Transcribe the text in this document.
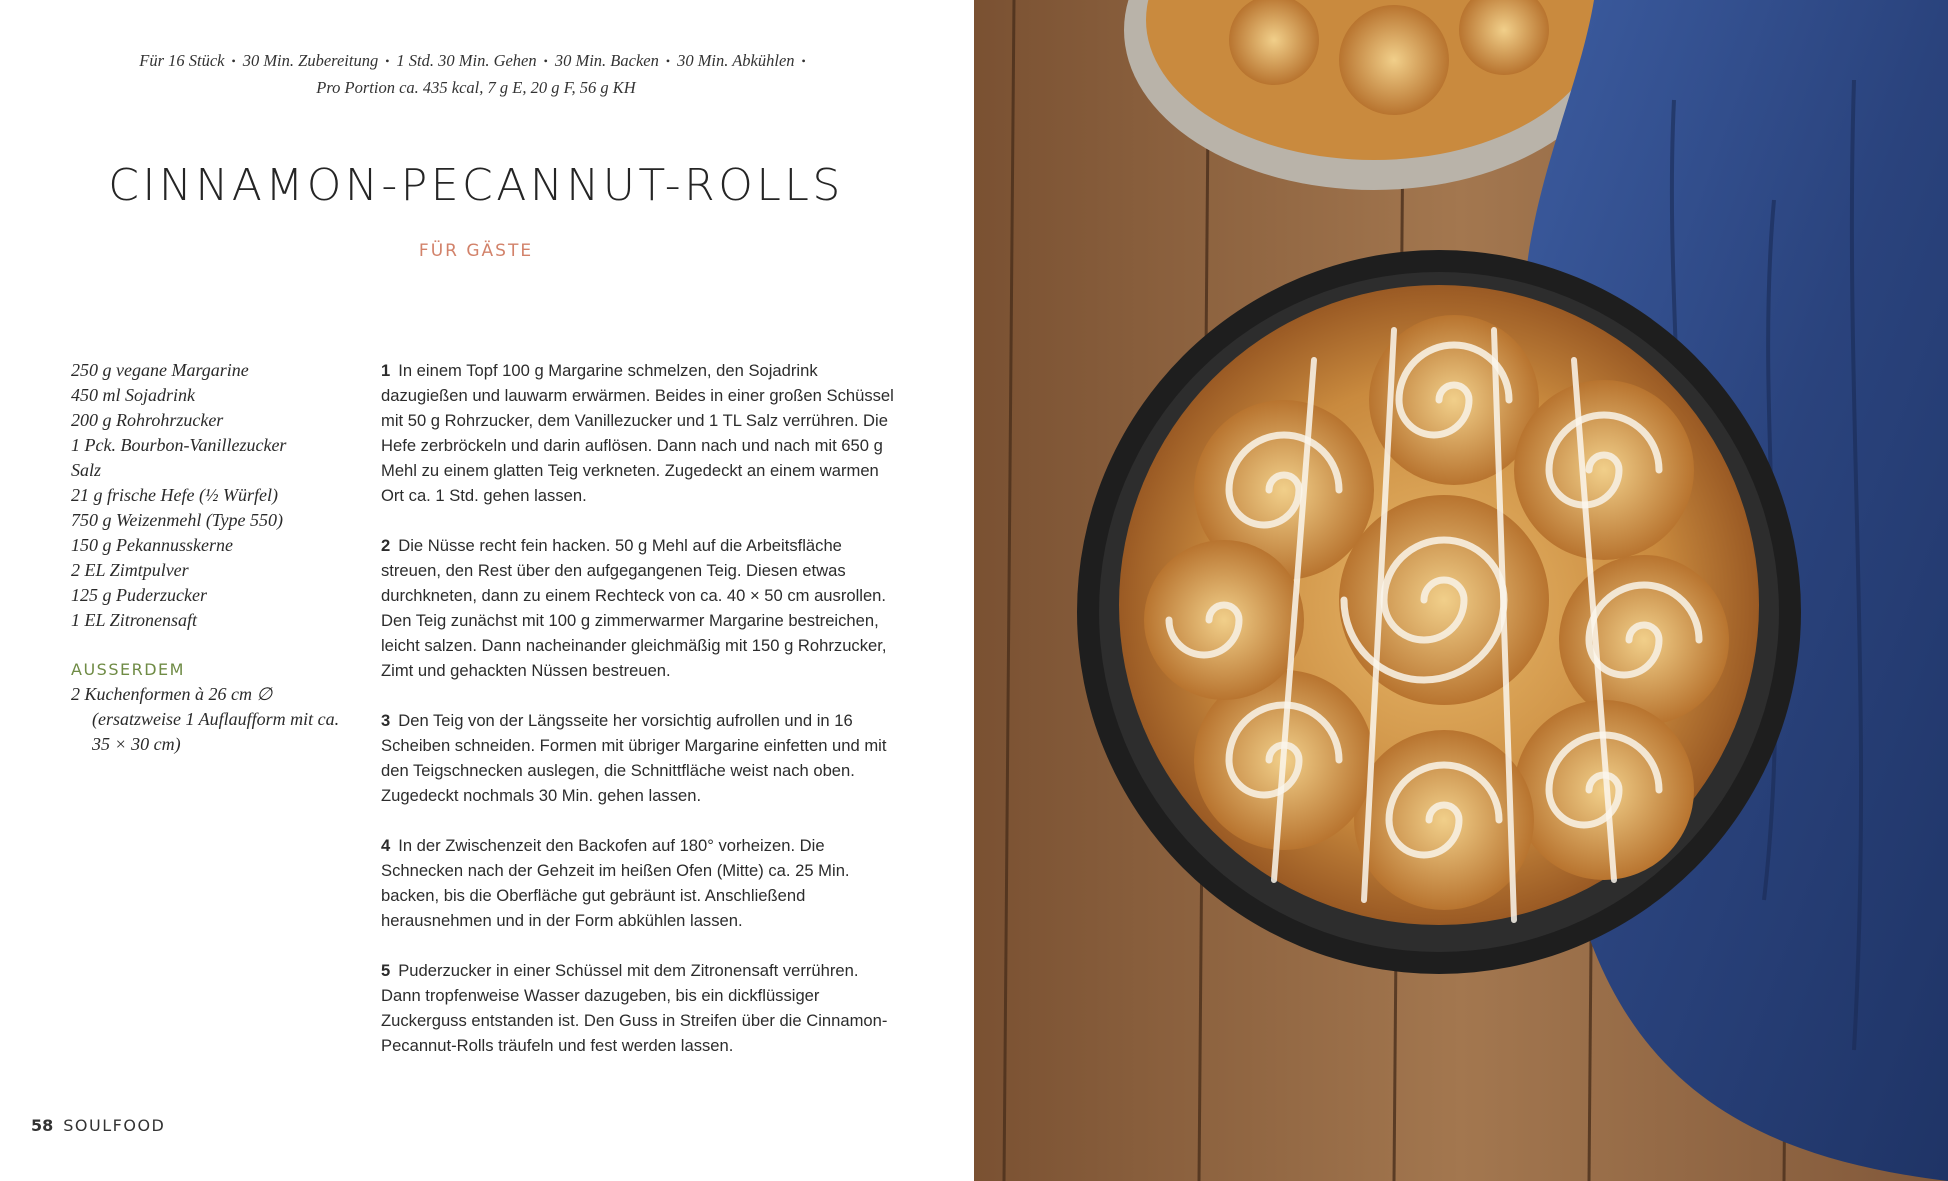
Für 16 Stück • 30 Min. Zubereitung • 1 Std. 30 Min. Gehen • 30 Min. Backen • 30 Min. Abkühlen •
Pro Portion ca. 435 kcal, 7 g E, 20 g F, 56 g KH
CINNAMON-PECANNUT-ROLLS
FÜR GÄSTE
250 g vegane Margarine
450 ml Sojadrink
200 g Rohrohrzucker
1 Pck. Bourbon-Vanillezucker
Salz
21 g frische Hefe (½ Würfel)
750 g Weizenmehl (Type 550)
150 g Pekannusskerne
2 EL Zimtpulver
125 g Puderzucker
1 EL Zitronensaft
AUSSERDEM
2 Kuchenformen à 26 cm ∅ (ersatzweise 1 Auflaufform mit ca. 35 × 30 cm)
1 In einem Topf 100 g Margarine schmelzen, den Sojadrink dazugießen und lauwarm erwärmen. Beides in einer großen Schüssel mit 50 g Rohrzucker, dem Vanillezucker und 1 TL Salz verrühren. Die Hefe zerbröckeln und darin auflösen. Dann nach und nach mit 650 g Mehl zu einem glatten Teig verkneten. Zugedeckt an einem warmen Ort ca. 1 Std. gehen lassen.
2 Die Nüsse recht fein hacken. 50 g Mehl auf die Arbeitsfläche streuen, den Rest über den aufgegangenen Teig. Diesen etwas durchkneten, dann zu einem Rechteck von ca. 40 × 50 cm ausrollen. Den Teig zunächst mit 100 g zimmerwarmer Margarine bestreichen, leicht salzen. Dann nacheinander gleichmäßig mit 150 g Rohrzucker, Zimt und gehackten Nüssen bestreuen.
3 Den Teig von der Längsseite her vorsichtig aufrollen und in 16 Scheiben schneiden. Formen mit übriger Margarine einfetten und mit den Teigschnecken auslegen, die Schnittfläche weist nach oben. Zugedeckt nochmals 30 Min. gehen lassen.
4 In der Zwischenzeit den Backofen auf 180° vorheizen. Die Schnecken nach der Gehzeit im heißen Ofen (Mitte) ca. 25 Min. backen, bis die Oberfläche gut gebräunt ist. Anschließend herausnehmen und in der Form abkühlen lassen.
5 Puderzucker in einer Schüssel mit dem Zitronensaft verrühren. Dann tropfenweise Wasser dazugeben, bis ein dickflüssiger Zuckerguss entstanden ist. Den Guss in Streifen über die Cinnamon-Pecannut-Rolls träufeln und fest werden lassen.
58 SOULFOOD
